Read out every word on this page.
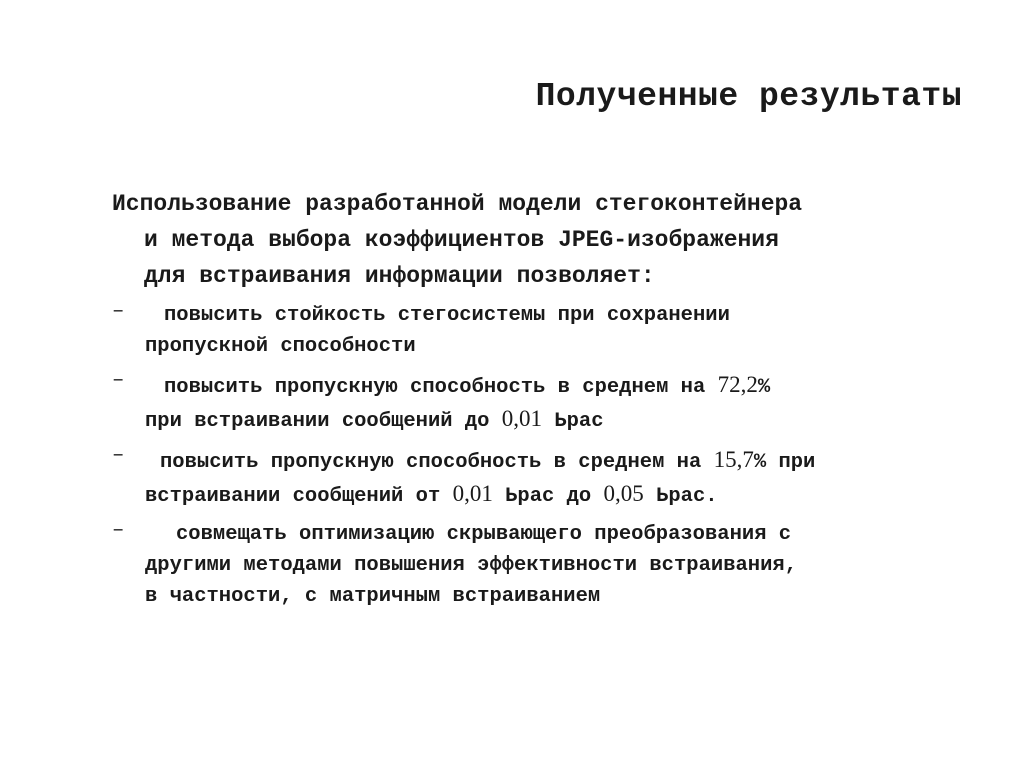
Полученные результаты
Использование разработанной модели стегоконтейнера
и метода выбора коэффициентов JPEG-изображения
для встраивания информации позволяет:
–	повысить стойкость стегосистемы при сохранении
пропускной способности
–	повысить пропускную способность в среднем на 72,2%
при встраивании сообщений до 0,01 Ьрас
–	повысить пропускную способность в среднем на 15,7% при
встраивании сообщений от 0,01 Ьрас до 0,05 Ьрас.
–	совмещать оптимизацию скрывающего преобразования с
другими методами повышения эффективности встраивания,
в частности, с матричным встраиванием
